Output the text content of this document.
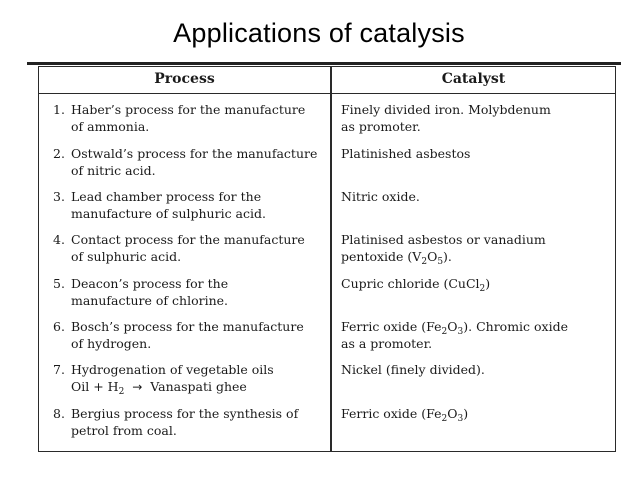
Applications of catalysis
Process	Catalyst
1. Haber’s process for the manufacture
of ammonia.
Finely divided iron. Molybdenum
as promoter.
2. Ostwald’s process for the manufacture
of nitric acid.
Platinished asbestos
3. Lead chamber process for the
manufacture of sulphuric acid.
Nitric oxide.
4. Contact process for the manufacture
of sulphuric acid.
Platinised asbestos or vanadium
pentoxide $(V_2O_5)$.
5. Deacon’s process for the
manufacture of chlorine.
Cupric chloride (CuCl$_2$)
6. Bosch’s process for the manufacture
of hydrogen.
Ferric oxide $(Fe_2O_3)$. Chromic oxide
as a promoter.
7. Hydrogenation of vegetable oils
Oil + $H_2$ → Vanaspati ghee
Nickel (finely divided).
8. Bergius process for the synthesis of
petrol from coal.
Ferric oxide $(Fe_2O_3)$
